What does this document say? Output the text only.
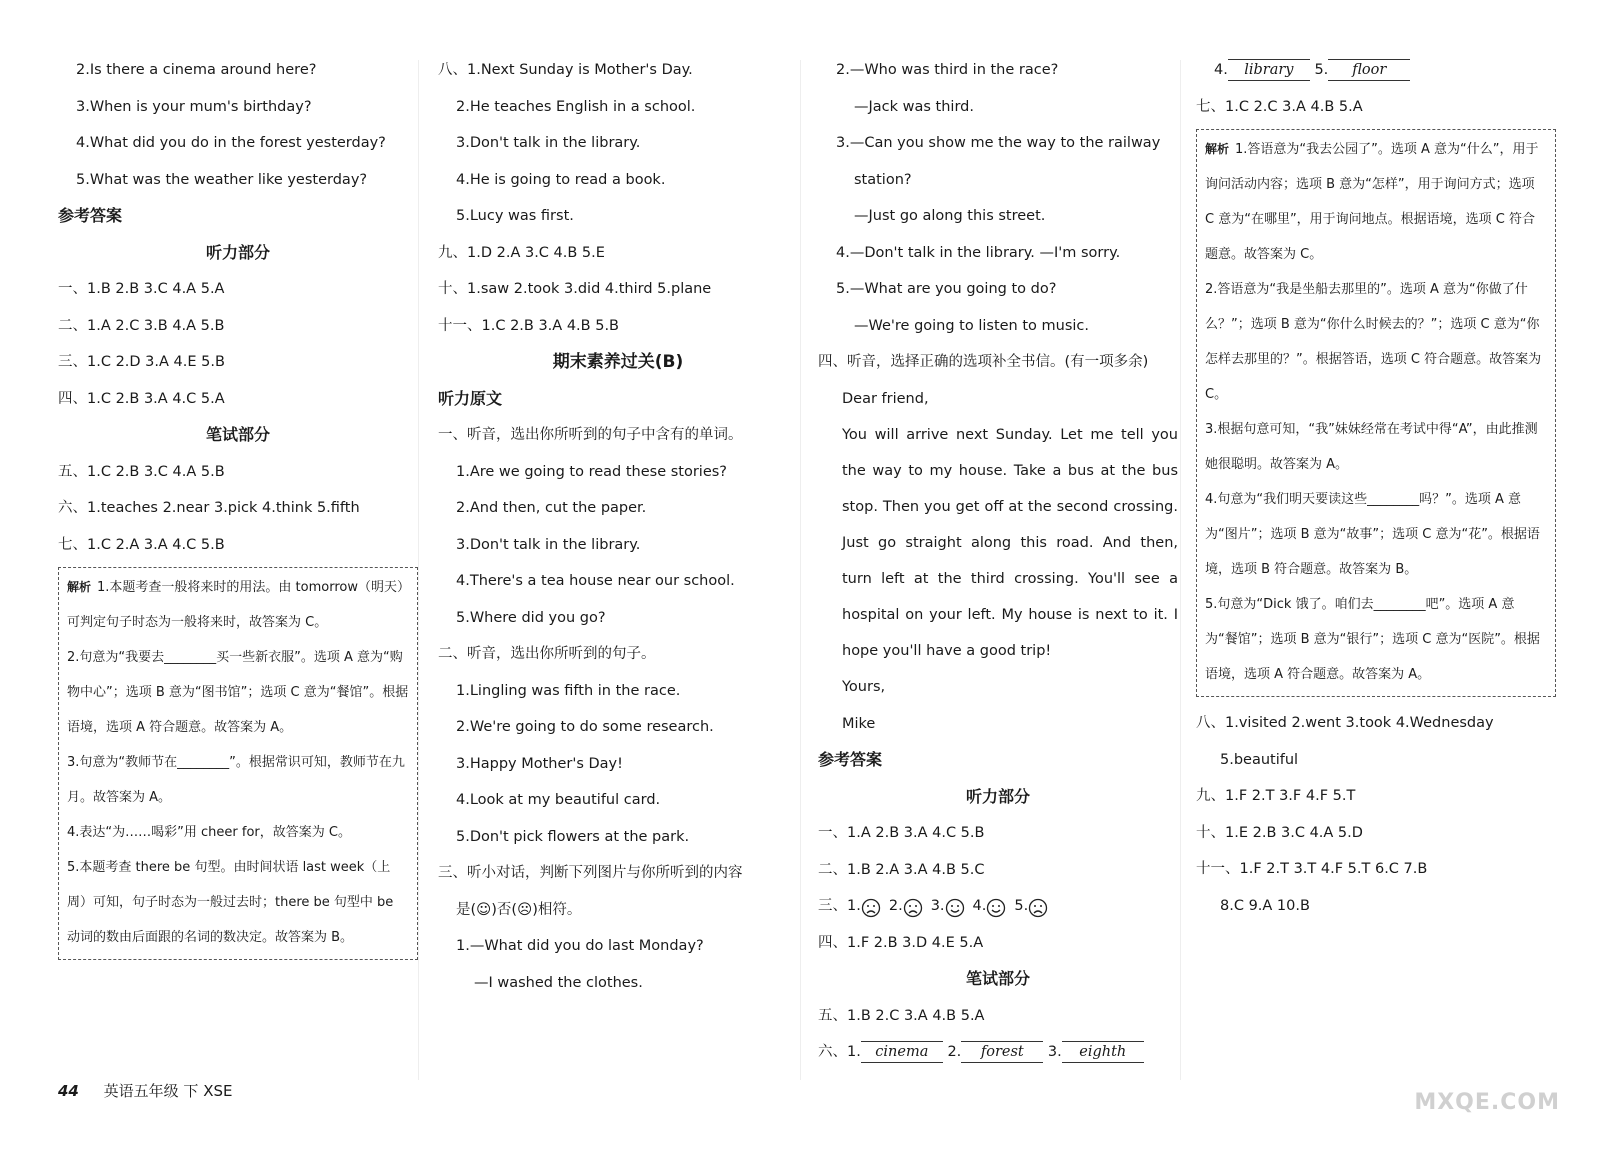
2.Is there a cinema around here?
3.When is your mum's birthday?
4.What did you do in the forest yesterday?
5.What was the weather like yesterday?
参考答案
听力部分
一、1.B 2.B 3.C 4.A 5.A
二、1.A 2.C 3.B 4.A 5.B
三、1.C 2.D 3.A 4.E 5.B
四、1.C 2.B 3.A 4.C 5.A
笔试部分
五、1.C 2.B 3.C 4.A 5.B
六、1.teaches 2.near 3.pick 4.think 5.fifth
七、1.C 2.A 3.A 4.C 5.B
解析 1.本题考查一般将来时的用法。由 tomorrow（明天）可判定句子时态为一般将来时，故答案为 C。
2.句意为“我要去________买一些新衣服”。选项 A 意为“购物中心”；选项 B 意为“图书馆”；选项 C 意为“餐馆”。根据语境，选项 A 符合题意。故答案为 A。
3.句意为“教师节在________”。根据常识可知，教师节在九月。故答案为 A。
4.表达“为……喝彩”用 cheer for，故答案为 C。
5.本题考查 there be 句型。由时间状语 last week（上周）可知，句子时态为一般过去时；there be 句型中 be 动词的数由后面跟的名词的数决定。故答案为 B。
八、1.Next Sunday is Mother's Day.
2.He teaches English in a school.
3.Don't talk in the library.
4.He is going to read a book.
5.Lucy was first.
九、1.D 2.A 3.C 4.B 5.E
十、1.saw 2.took 3.did 4.third 5.plane
十一、1.C 2.B 3.A 4.B 5.B
期末素养过关(B)
听力原文
一、听音，选出你所听到的句子中含有的单词。
1.Are we going to read these stories?
2.And then, cut the paper.
3.Don't talk in the library.
4.There's a tea house near our school.
5.Where did you go?
二、听音，选出你所听到的句子。
1.Lingling was fifth in the race.
2.We're going to do some research.
3.Happy Mother's Day!
4.Look at my beautiful card.
5.Don't pick flowers at the park.
三、听小对话，判断下列图片与你所听到的内容
是(☺)否(☹)相符。
1.—What did you do last Monday?
—I washed the clothes.
2.—Who was third in the race?
—Jack was third.
3.—Can you show me the way to the railway
station?
—Just go along this street.
4.—Don't talk in the library. —I'm sorry.
5.—What are you going to do?
—We're going to listen to music.
四、听音，选择正确的选项补全书信。(有一项多余)
Dear friend,
You will arrive next Sunday. Let me tell you the way to my house. Take a bus at the bus stop. Then you get off at the second crossing. Just go straight along this road. And then, turn left at the third crossing. You'll see a hospital on your left. My house is next to it. I hope you'll have a good trip!
Yours,
Mike
参考答案
听力部分
一、1.A 2.B 3.A 4.C 5.B
二、1.B 2.A 3.A 4.B 5.C
三、1. 2. 3. 4. 5.
四、1.F 2.B 3.D 4.E 5.A
笔试部分
五、1.B 2.C 3.A 4.B 5.A
六、1. cinema 2. forest 3. eighth
4. library 5. floor
七、1.C 2.C 3.A 4.B 5.A
解析 1.答语意为“我去公园了”。选项 A 意为“什么”，用于询问活动内容；选项 B 意为“怎样”，用于询问方式；选项 C 意为“在哪里”，用于询问地点。根据语境，选项 C 符合题意。故答案为 C。
2.答语意为“我是坐船去那里的”。选项 A 意为“你做了什么？”；选项 B 意为“你什么时候去的？”；选项 C 意为“你怎样去那里的？”。根据答语，选项 C 符合题意。故答案为 C。
3.根据句意可知，“我”妹妹经常在考试中得“A”，由此推测她很聪明。故答案为 A。
4.句意为“我们明天要读这些________吗？”。选项 A 意为“图片”；选项 B 意为“故事”；选项 C 意为“花”。根据语境，选项 B 符合题意。故答案为 B。
5.句意为“Dick 饿了。咱们去________吧”。选项 A 意为“餐馆”；选项 B 意为“银行”；选项 C 意为“医院”。根据语境，选项 A 符合题意。故答案为 A。
八、1.visited 2.went 3.took 4.Wednesday
5.beautiful
九、1.F 2.T 3.F 4.F 5.T
十、1.E 2.B 3.C 4.A 5.D
十一、1.F 2.T 3.T 4.F 5.T 6.C 7.B
8.C 9.A 10.B
44 英语五年级 下 XSE	MXQE.COM
